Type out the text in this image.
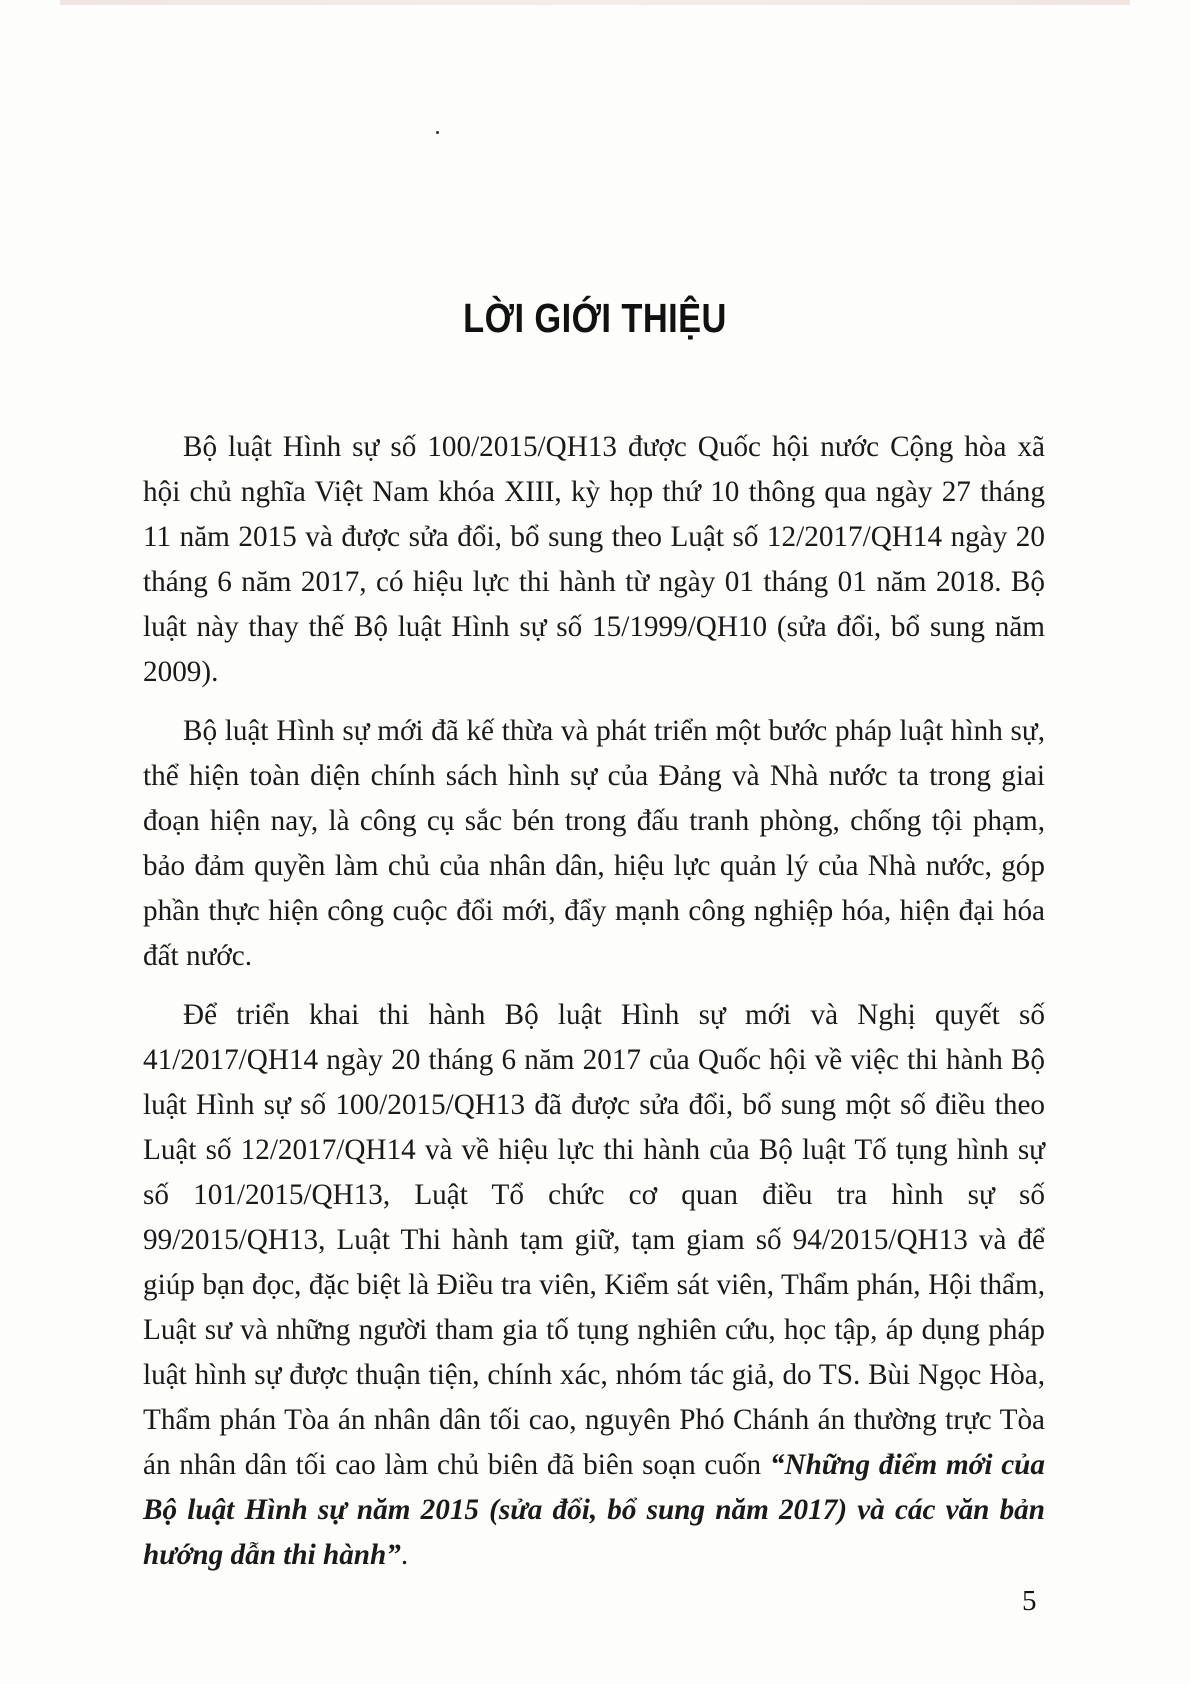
LỜI GIỚI THIỆU

Bộ luật Hình sự số 100/2015/QH13 được Quốc hội nước Cộng hòa xã hội chủ nghĩa Việt Nam khóa XIII, kỳ họp thứ 10 thông qua ngày 27 tháng 11 năm 2015 và được sửa đổi, bổ sung theo Luật số 12/2017/QH14 ngày 20 tháng 6 năm 2017, có hiệu lực thi hành từ ngày 01 tháng 01 năm 2018. Bộ luật này thay thế Bộ luật Hình sự số 15/1999/QH10 (sửa đổi, bổ sung năm 2009).

Bộ luật Hình sự mới đã kế thừa và phát triển một bước pháp luật hình sự, thể hiện toàn diện chính sách hình sự của Đảng và Nhà nước ta trong giai đoạn hiện nay, là công cụ sắc bén trong đấu tranh phòng, chống tội phạm, bảo đảm quyền làm chủ của nhân dân, hiệu lực quản lý của Nhà nước, góp phần thực hiện công cuộc đổi mới, đẩy mạnh công nghiệp hóa, hiện đại hóa đất nước.

Để triển khai thi hành Bộ luật Hình sự mới và Nghị quyết số 41/2017/QH14 ngày 20 tháng 6 năm 2017 của Quốc hội về việc thi hành Bộ luật Hình sự số 100/2015/QH13 đã được sửa đổi, bổ sung một số điều theo Luật số 12/2017/QH14 và về hiệu lực thi hành của Bộ luật Tố tụng hình sự số 101/2015/QH13, Luật Tổ chức cơ quan điều tra hình sự số 99/2015/QH13, Luật Thi hành tạm giữ, tạm giam số 94/2015/QH13 và để giúp bạn đọc, đặc biệt là Điều tra viên, Kiểm sát viên, Thẩm phán, Hội thẩm, Luật sư và những người tham gia tố tụng nghiên cứu, học tập, áp dụng pháp luật hình sự được thuận tiện, chính xác, nhóm tác giả, do TS. Bùi Ngọc Hòa, Thẩm phán Tòa án nhân dân tối cao, nguyên Phó Chánh án thường trực Tòa án nhân dân tối cao làm chủ biên đã biên soạn cuốn “Những điểm mới của Bộ luật Hình sự năm 2015 (sửa đổi, bổ sung năm 2017) và các văn bản hướng dẫn thi hành”.

5
